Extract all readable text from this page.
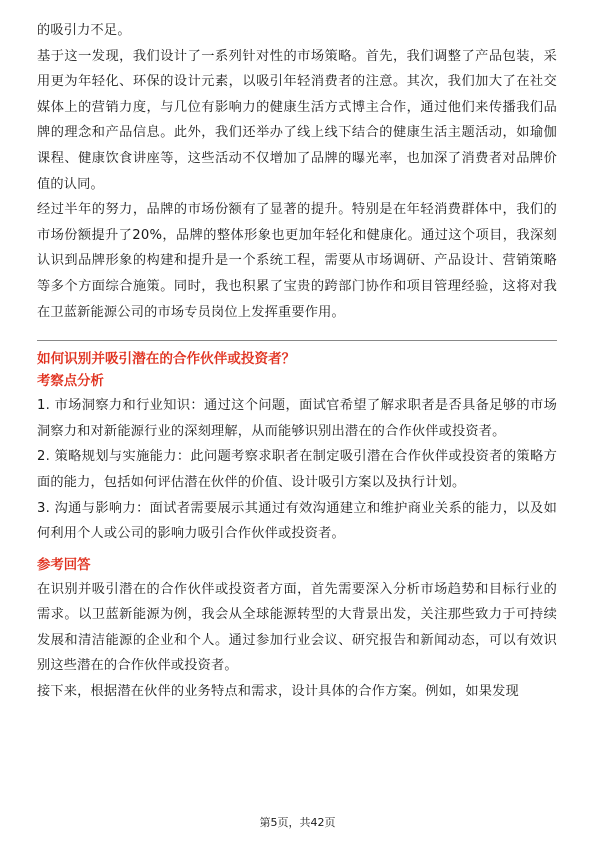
的吸引力不足。

基于这一发现，我们设计了一系列针对性的市场策略。首先，我们调整了产品包装，采用更为年轻化、环保的设计元素，以吸引年轻消费者的注意。其次，我们加大了在社交媒体上的营销力度，与几位有影响力的健康生活方式博主合作，通过他们来传播我们品牌的理念和产品信息。此外，我们还举办了线上线下结合的健康生活主题活动，如瑜伽课程、健康饮食讲座等，这些活动不仅增加了品牌的曝光率，也加深了消费者对品牌价值的认同。

经过半年的努力，品牌的市场份额有了显著的提升。特别是在年轻消费群体中，我们的市场份额提升了20%，品牌的整体形象也更加年轻化和健康化。通过这个项目，我深刻认识到品牌形象的构建和提升是一个系统工程，需要从市场调研、产品设计、营销策略等多个方面综合施策。同时，我也积累了宝贵的跨部门协作和项目管理经验，这将对我在卫蓝新能源公司的市场专员岗位上发挥重要作用。

如何识别并吸引潜在的合作伙伴或投资者？

考察点分析

1. 市场洞察力和行业知识：通过这个问题，面试官希望了解求职者是否具备足够的市场洞察力和对新能源行业的深刻理解，从而能够识别出潜在的合作伙伴或投资者。

2. 策略规划与实施能力：此问题考察求职者在制定吸引潜在合作伙伴或投资者的策略方面的能力，包括如何评估潜在伙伴的价值、设计吸引方案以及执行计划。

3. 沟通与影响力：面试者需要展示其通过有效沟通建立和维护商业关系的能力，以及如何利用个人或公司的影响力吸引合作伙伴或投资者。

参考回答

在识别并吸引潜在的合作伙伴或投资者方面，首先需要深入分析市场趋势和目标行业的需求。以卫蓝新能源为例，我会从全球能源转型的大背景出发，关注那些致力于可持续发展和清洁能源的企业和个人。通过参加行业会议、研究报告和新闻动态，可以有效识别这些潜在的合作伙伴或投资者。

接下来，根据潜在伙伴的业务特点和需求，设计具体的合作方案。例如，如果发现

第5页，共42页
